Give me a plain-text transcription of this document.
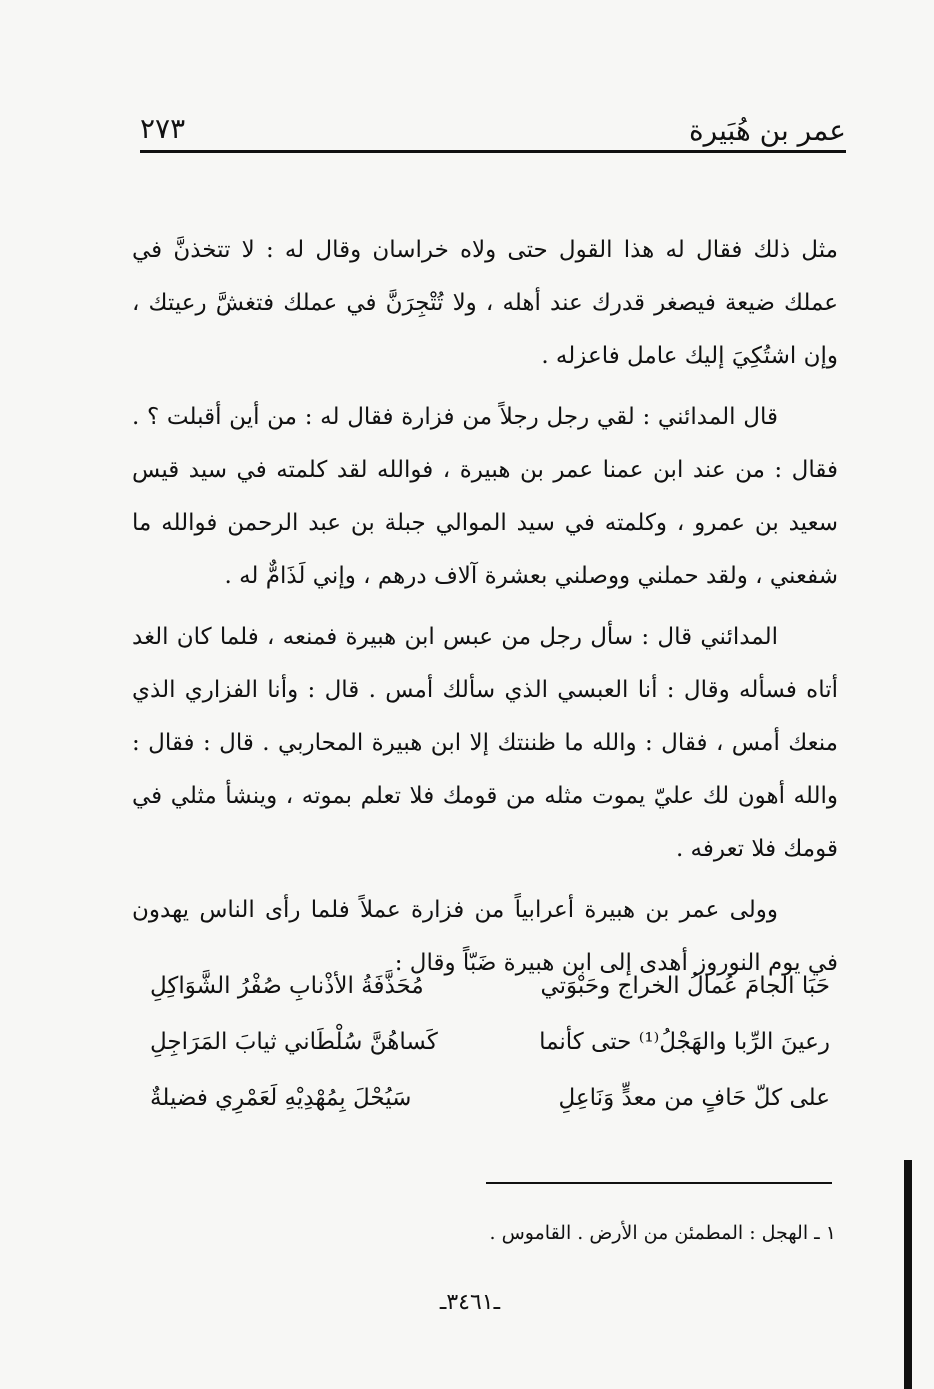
عمر بن هُبَيرة
٢٧٣

مثل ذلك فقال له هذا القول حتى ولاه خراسان وقال له : لا تتخذنَّ في عملك ضيعة فيصغر قدرك عند أهله ، ولا تُتْجِرَنَّ في عملك فتغشَّ رعيتك ، وإن اشتُكِيَ إليك عامل فاعزله .

قال المدائني : لقي رجل رجلاً من فزارة فقال له : من أين أقبلت ؟ . فقال : من عند ابن عمنا عمر بن هبيرة ، فوالله لقد كلمته في سيد قيس سعيد بن عمرو ، وكلمته في سيد الموالي جبلة بن عبد الرحمن فوالله ما شفعني ، ولقد حملني ووصلني بعشرة آلاف درهم ، وإني لَذَامٌّ له .

المدائني قال : سأل رجل من عبس ابن هبيرة فمنعه ، فلما كان الغد أتاه فسأله وقال : أنا العبسي الذي سألك أمس . قال : وأنا الفزاري الذي منعك أمس ، فقال : والله ما ظننتك إلا ابن هبيرة المحاربي . قال : فقال : والله أهون لك عليّ يموت مثله من قومك فلا تعلم بموته ، وينشأ مثلي في قومك فلا تعرفه .

وولى عمر بن هبيرة أعرابياً من فزارة عملاً فلما رأى الناس يهدون في يوم النوروز أهدى إلى ابن هبيرة ضَبّاً وقال :

حَبَا الجامَ عُمالُ الخراج وحَبْوَتي
مُحَذَّفَةُ الأذْنابِ صُفْرُ الشَّوَاكِلِ
رعينَ الرِّبا والهَجْلُ⁽¹⁾ حتى كأنما
كَساهُنَّ سُلْطَاني ثيابَ المَرَاجِلِ
على كلّ حَافٍ من معدٍّ وَنَاعِلِ
سَيُحْلَ بِمُهْدِيْهِ لَعَمْرِي فضيلةٌ
١ ـ الهجل : المطمئن من الأرض . القاموس .
ـ٣٤٦١ـ
